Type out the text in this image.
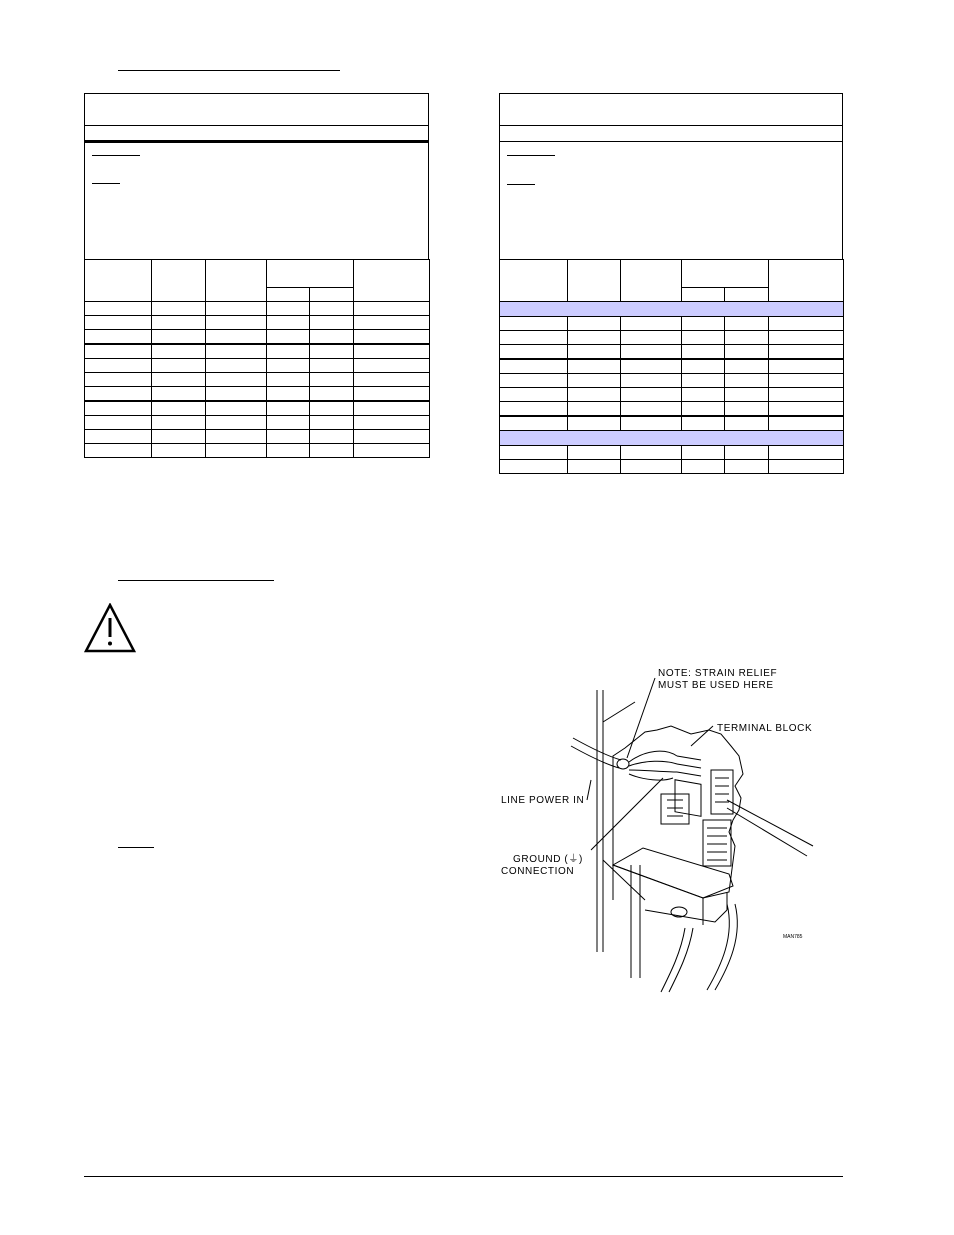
NOTE: STRAIN RELIEF
MUST BE USED HERE
TERMINAL BLOCK
LINE POWER IN
GROUND (⏚)
CONNECTION
MAN785
